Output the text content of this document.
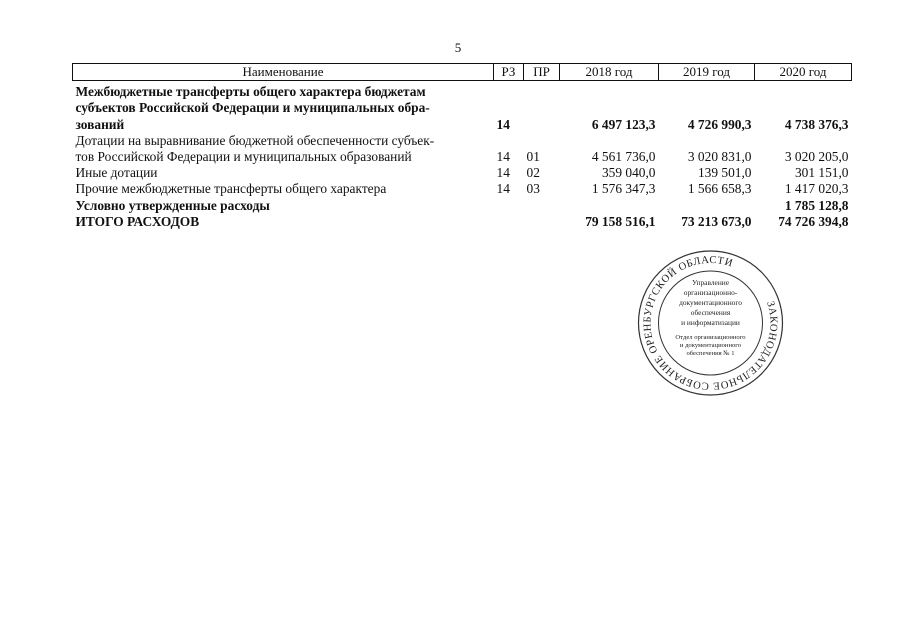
5
Наименование	РЗ	ПР	2018 год	2019 год	2020 год
Межбюджетные трансферты общего характера бюджетам
субъектов Российской Федерации и муниципальных обра-
зований	14		6 497 123,3	4 726 990,3	4 738 376,3
Дотации на выравнивание бюджетной обеспеченности субъек-
тов Российской Федерации и муниципальных образований	14	01	4 561 736,0	3 020 831,0	3 020 205,0
Иные дотации	14	02	359 040,0	139 501,0	301 151,0
Прочие межбюджетные трансферты общего характера	14	03	1 576 347,3	1 566 658,3	1 417 020,3
Условно утвержденные расходы					1 785 128,8
ИТОГО РАСХОДОВ			79 158 516,1	73 213 673,0	74 726 394,8
ЗАКОНОДАТЕЛЬНОЕ СОБРАНИЕ ОРЕНБУРГСКОЙ ОБЛАСТИ
Управление
организационно-
документационного
обеспечения
и информатизации
Отдел организационного
и документационного
обеспечения № 1
